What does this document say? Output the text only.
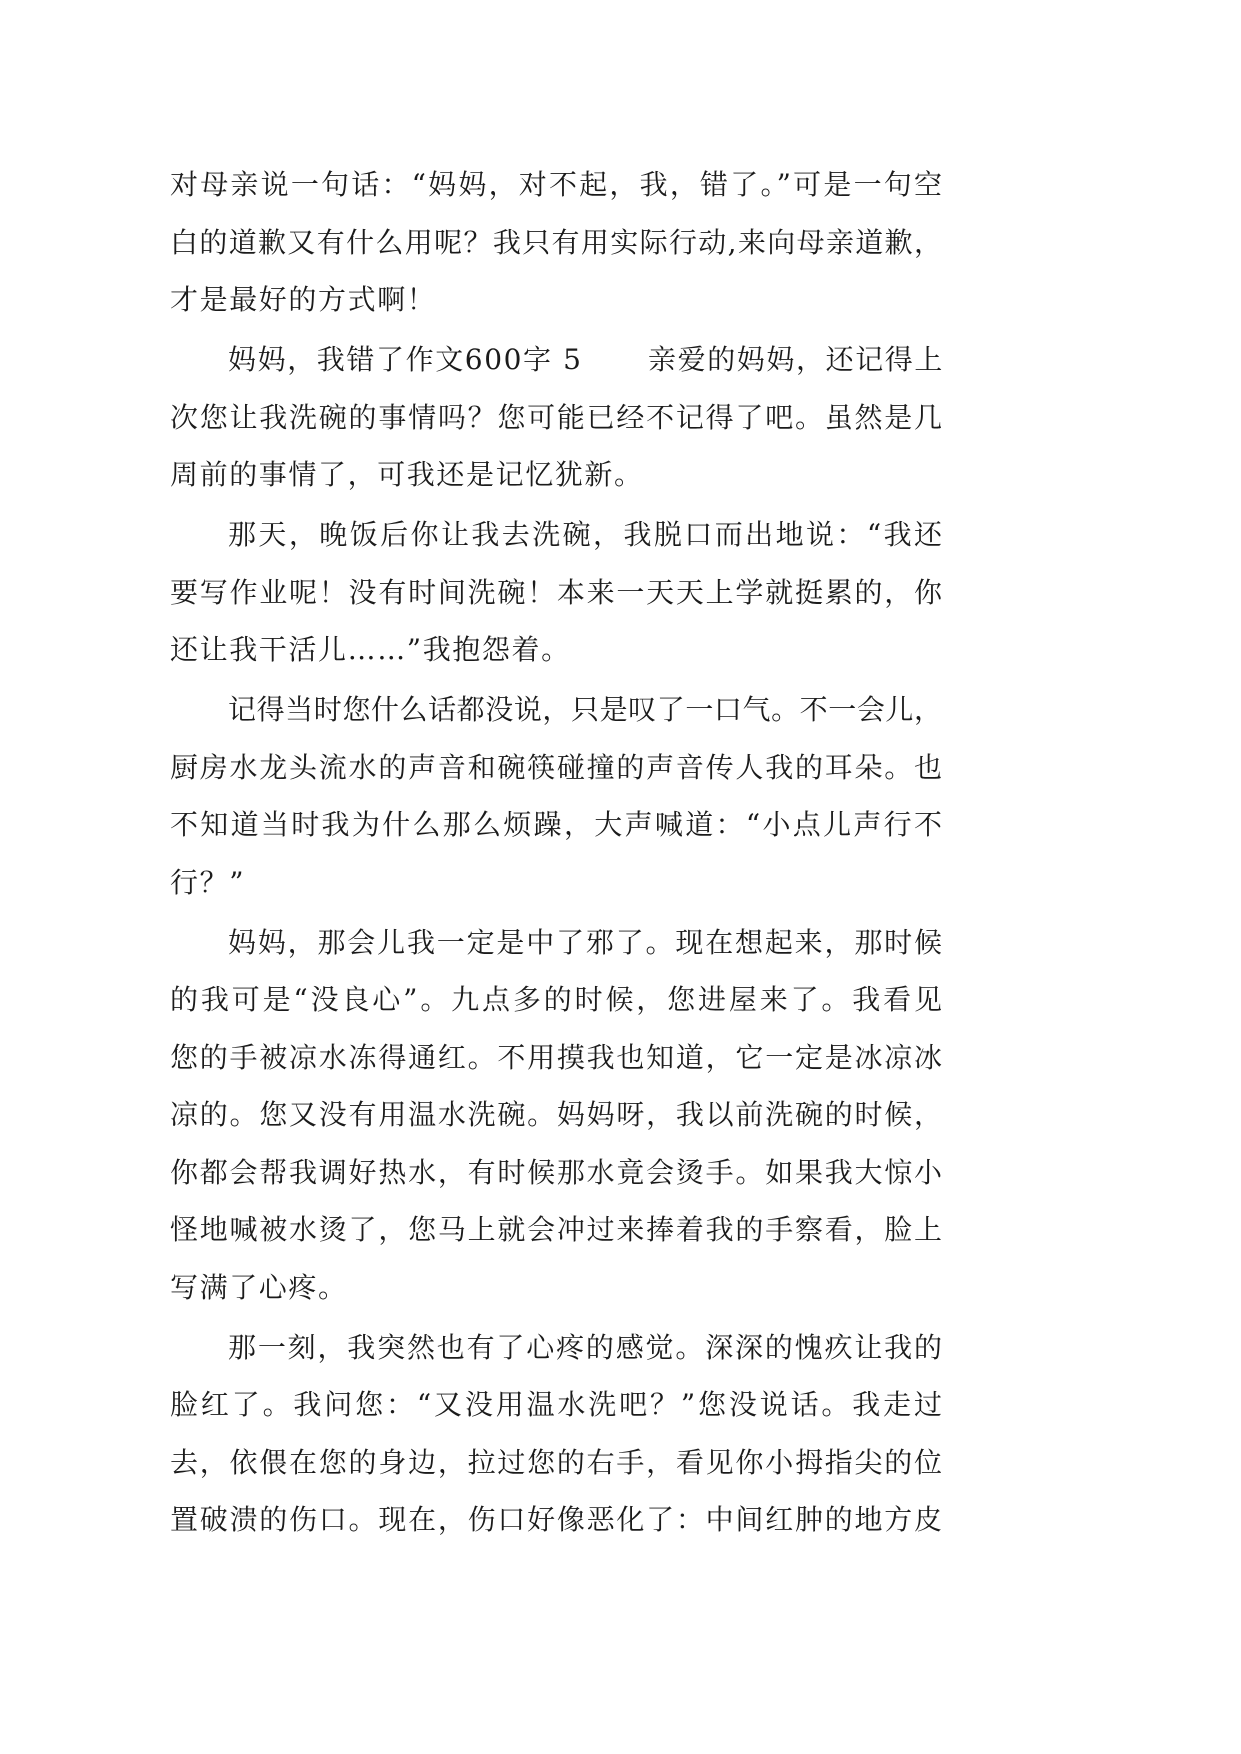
对母亲说一句话：“妈妈，对不起，我，错了。”可是一句空
白的道歉又有什么用呢？我只有用实际行动,来向母亲道歉，
才是最好的方式啊！
妈妈，我错了作文600字 5 亲爱的妈妈，还记得上
次您让我洗碗的事情吗？您可能已经不记得了吧。虽然是几
周前的事情了，可我还是记忆犹新。
那天，晚饭后你让我去洗碗，我脱口而出地说：“我还
要写作业呢！没有时间洗碗！本来一天天上学就挺累的，你
还让我干活儿……”我抱怨着。
记得当时您什么话都没说，只是叹了一口气。不一会儿，
厨房水龙头流水的声音和碗筷碰撞的声音传人我的耳朵。也
不知道当时我为什么那么烦躁，大声喊道：“小点儿声行不
行？”
妈妈，那会儿我一定是中了邪了。现在想起来，那时候
的我可是“没良心”。九点多的时候，您进屋来了。我看见
您的手被凉水冻得通红。不用摸我也知道，它一定是冰凉冰
凉的。您又没有用温水洗碗。妈妈呀，我以前洗碗的时候，
你都会帮我调好热水，有时候那水竟会烫手。如果我大惊小
怪地喊被水烫了，您马上就会冲过来捧着我的手察看，脸上
写满了心疼。
那一刻，我突然也有了心疼的感觉。深深的愧疚让我的
脸红了。我问您：“又没用温水洗吧？”您没说话。我走过
去，依偎在您的身边，拉过您的右手，看见你小拇指尖的位
置破溃的伤口。现在，伤口好像恶化了：中间红肿的地方皮
